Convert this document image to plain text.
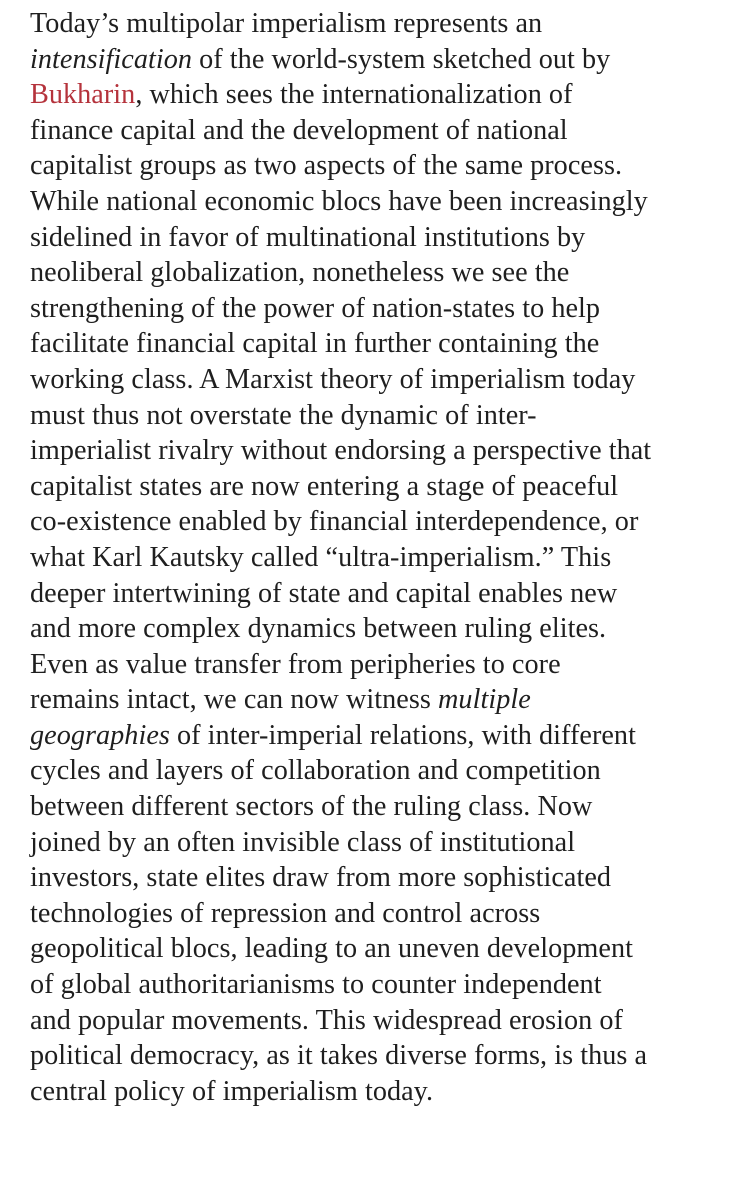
Today’s multipolar imperialism represents an
intensification of the world-system sketched out by
Bukharin, which sees the internationalization of
finance capital and the development of national
capitalist groups as two aspects of the same process.
While national economic blocs have been increasingly
sidelined in favor of multinational institutions by
neoliberal globalization, nonetheless we see the
strengthening of the power of nation-states to help
facilitate financial capital in further containing the
working class. A Marxist theory of imperialism today
must thus not overstate the dynamic of inter-
imperialist rivalry without endorsing a perspective that
capitalist states are now entering a stage of peaceful
co-existence enabled by financial interdependence, or
what Karl Kautsky called “ultra-imperialism.” This
deeper intertwining of state and capital enables new
and more complex dynamics between ruling elites.
Even as value transfer from peripheries to core
remains intact, we can now witness multiple
geographies of inter-imperial relations, with different
cycles and layers of collaboration and competition
between different sectors of the ruling class. Now
joined by an often invisible class of institutional
investors, state elites draw from more sophisticated
technologies of repression and control across
geopolitical blocs, leading to an uneven development
of global authoritarianisms to counter independent
and popular movements. This widespread erosion of
political democracy, as it takes diverse forms, is thus a
central policy of imperialism today.
